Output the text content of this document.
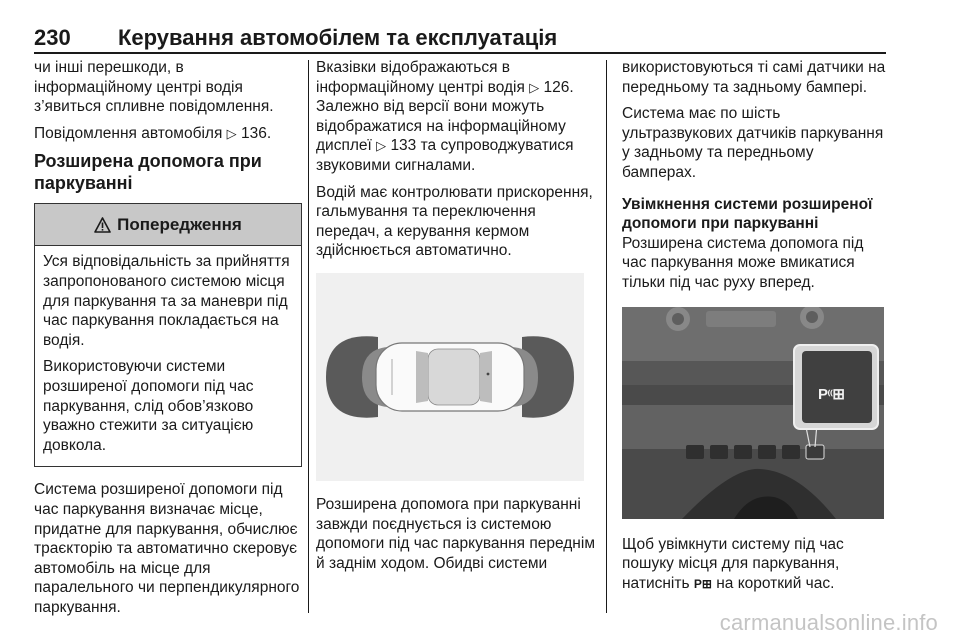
230 Керування автомобілем та експлуатація

чи інші перешкоди, в інформаційному центрі водія з’явиться спливне повідомлення.

Повідомлення автомобіля ▷ 136.

Розширена допомога при паркуванні
Попередження

Уся відповідальність за прийняття запропонованого системою місця для паркування та за маневри під час паркування покладається на водія.

Використовуючи системи розширеної допомоги під час паркування, слід обов’язково уважно стежити за ситуацією довкола.

Система розширеної допомоги під час паркування визначає місце, придатне для паркування, обчислює траєкторію та автоматично скеровує автомобіль на місце для паралельного чи перпендикулярного паркування.

Вказівки відображаються в інформаційному центрі водія ▷ 126. Залежно від версії вони можуть відображатися на інформаційному дисплеї ▷ 133 та супроводжуватися звуковими сигналами.

Водій має контролювати прискорення, гальмування та переключення передач, а керування кермом здійснюється автоматично.

Розширена допомога при паркуванні завжди поєднується із системою допомоги під час паркування переднім й заднім ходом. Обидві системи

використовуються ті самі датчики на передньому та задньому бампері.

Система має по шість ультразвукових датчиків паркування у задньому та передньому бамперах.

Увімкнення системи розширеної допомоги при паркуванні

Розширена система допомога під час паркування може вмикатися тільки під час руху вперед.

P⁽⁽⊞

Щоб увімкнути систему під час пошуку місця для паркування, натисніть P⊞ на короткий час.

carmanualsonline.info
